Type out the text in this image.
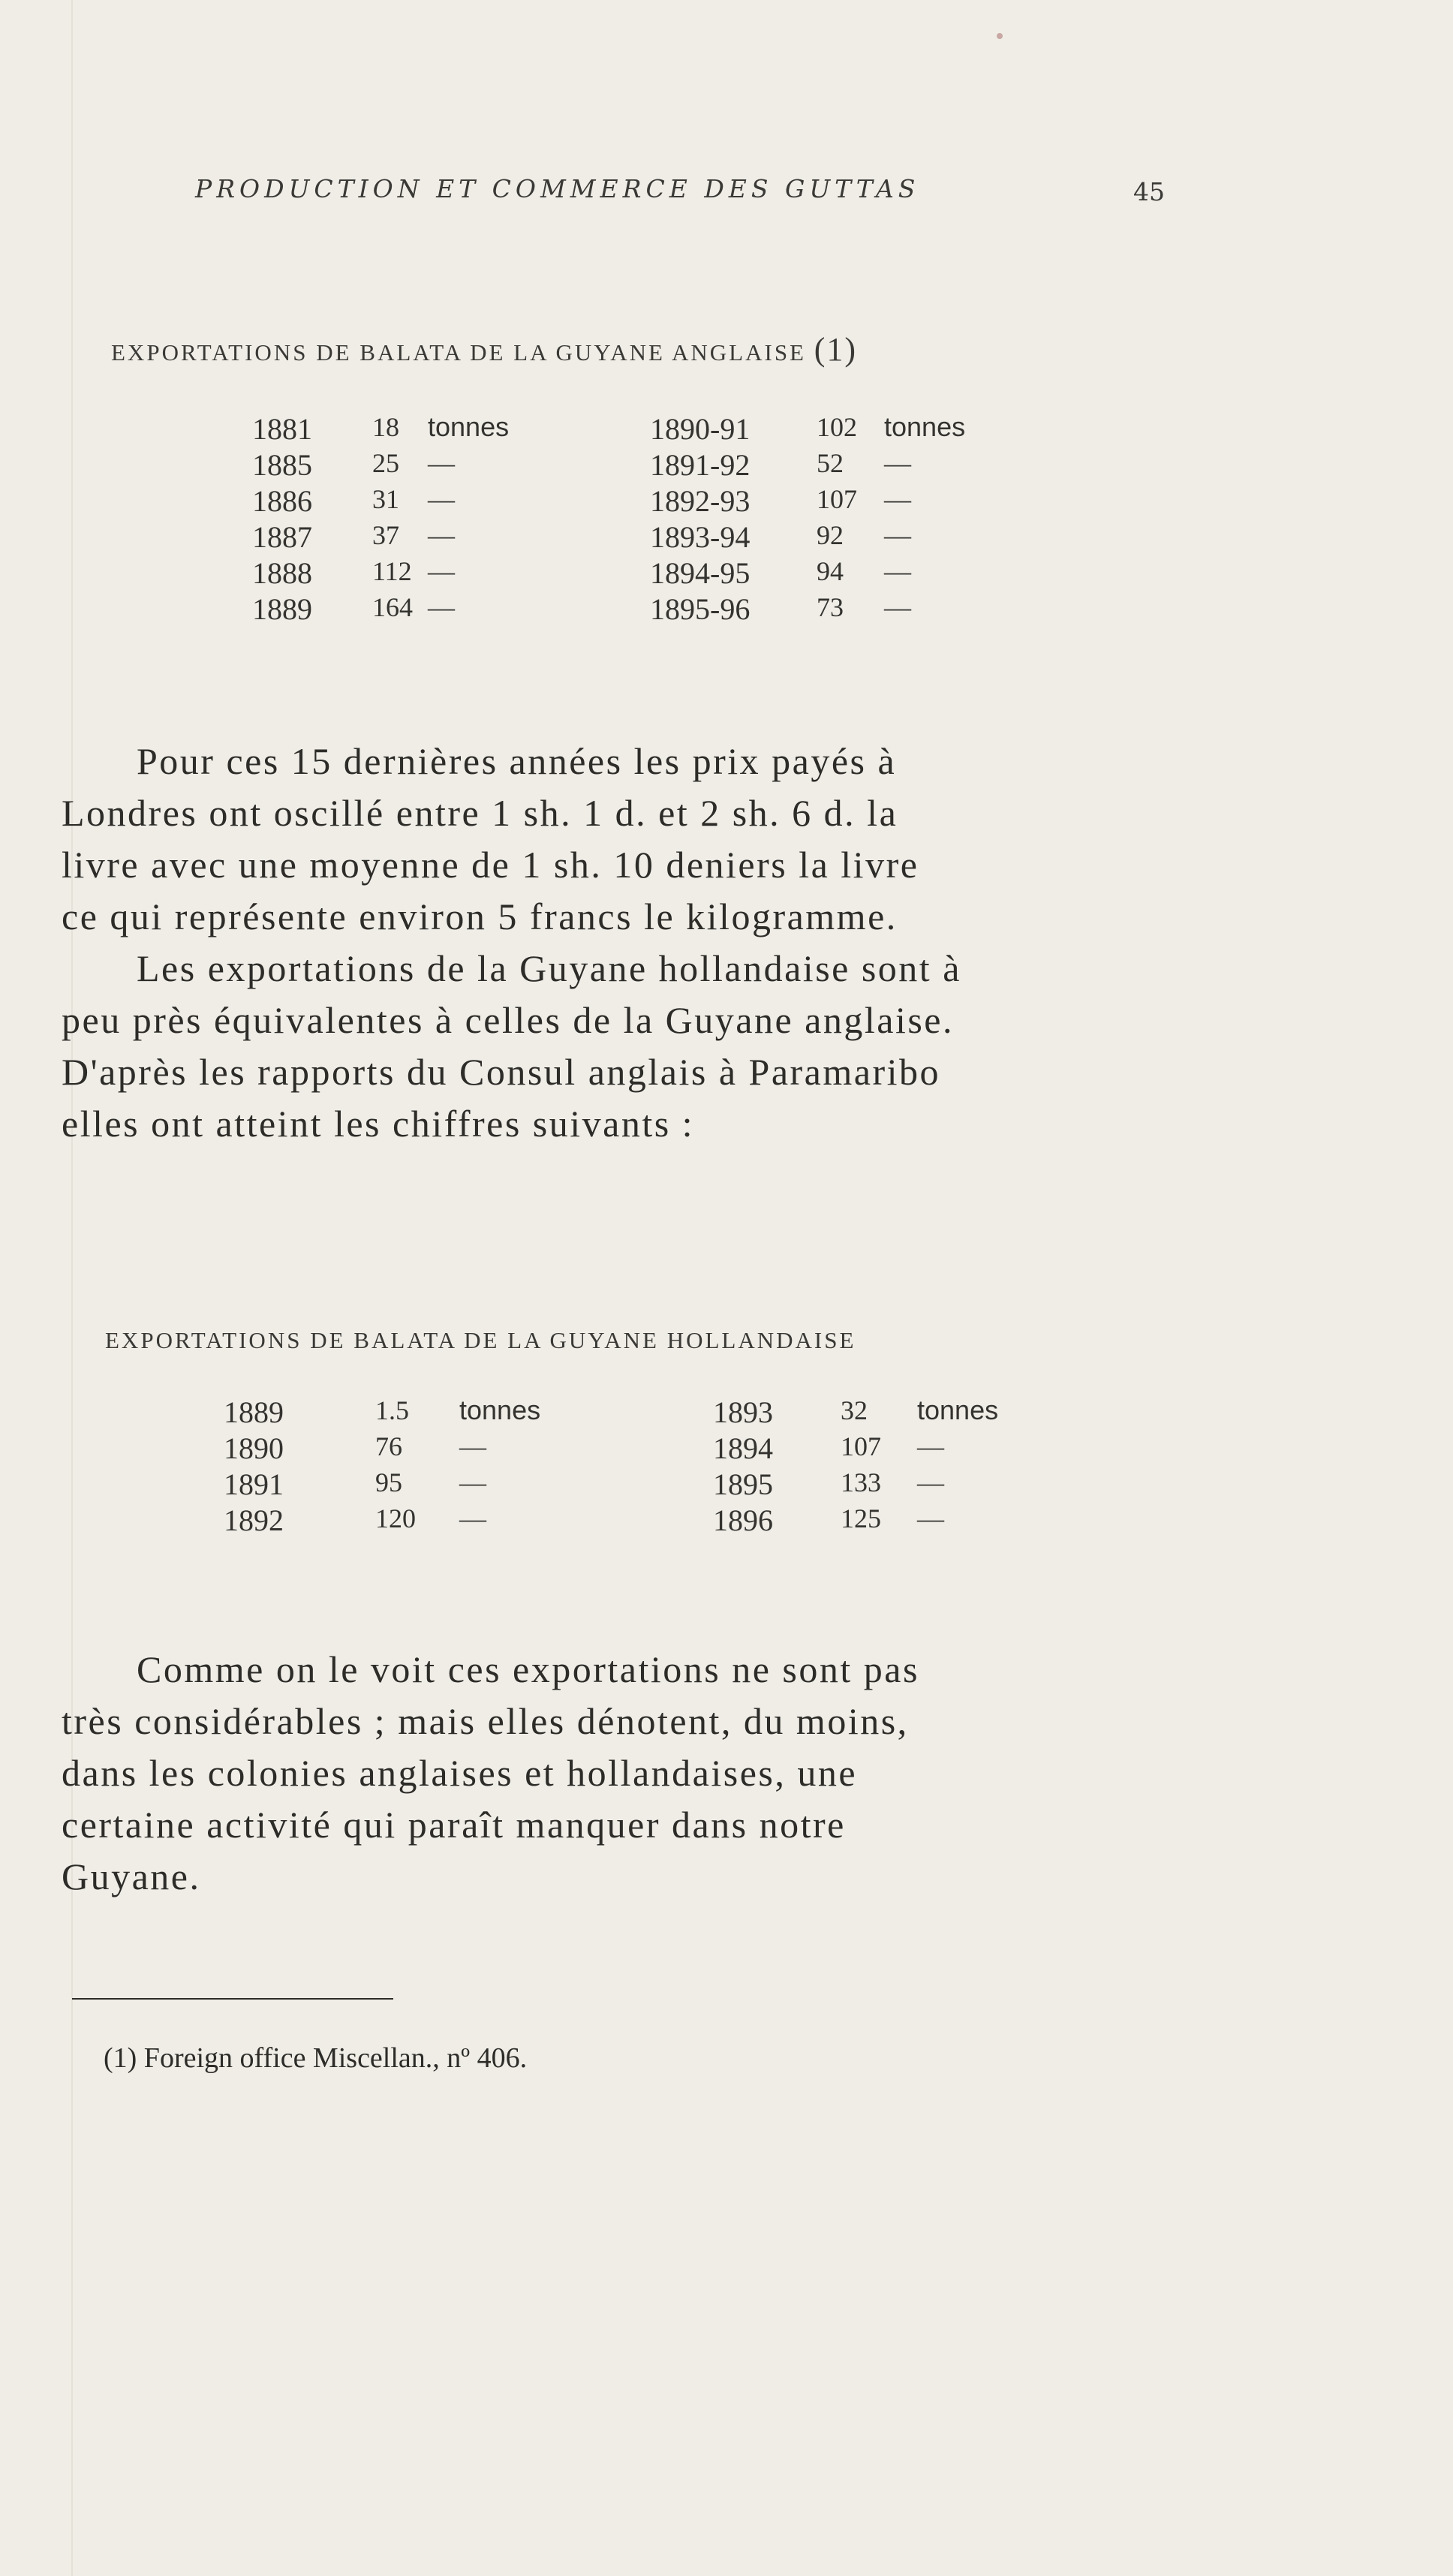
PRODUCTION ET COMMERCE DES GUTTAS	45
EXPORTATIONS DE BALATA DE LA GUYANE ANGLAISE (1)
1881 18 tonnes
1885 25 —
1886 31 —
1887 37 —
1888 112 —
1889 164 —
1890-91 102 tonnes
1891-92 52 —
1892-93 107 —
1893-94 92 —
1894-95 94 —
1895-96 73 —
Pour ces 15 dernières années les prix payés à
Londres ont oscillé entre 1 sh. 1 d. et 2 sh. 6 d. la
livre avec une moyenne de 1 sh. 10 deniers la livre
ce qui représente environ 5 francs le kilogramme.
Les exportations de la Guyane hollandaise sont à
peu près équivalentes à celles de la Guyane anglaise.
D'après les rapports du Consul anglais à Paramaribo
elles ont atteint les chiffres suivants :
EXPORTATIONS DE BALATA DE LA GUYANE HOLLANDAISE
1889	1.5 tonnes
1890	76 —
1891	95 —
1892	120 —
1893	32 tonnes
1894	107 —
1895	133 —
1896	125 —
Comme on le voit ces exportations ne sont pas
très considérables ; mais elles dénotent, du moins,
dans les colonies anglaises et hollandaises, une
certaine activité qui paraît manquer dans notre
Guyane.
(1) Foreign office Miscellan., nº 406.
